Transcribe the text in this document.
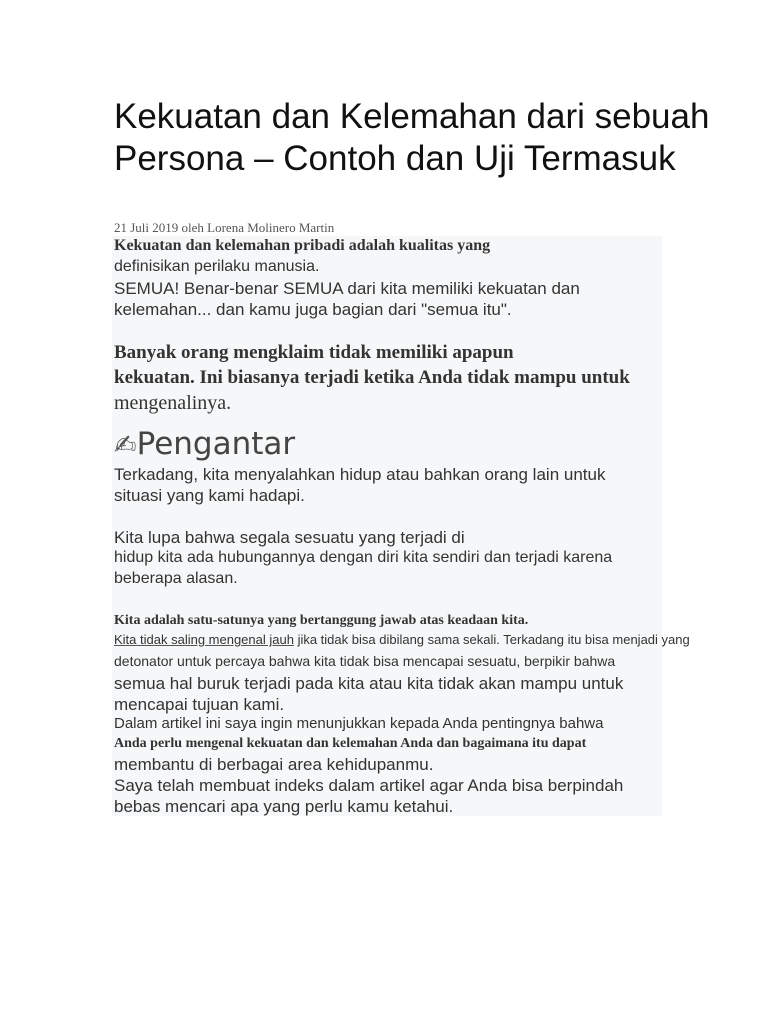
Kekuatan dan Kelemahan dari sebuah Persona – Contoh dan Uji Termasuk
21 Juli 2019 oleh Lorena Molinero Martin
Kekuatan dan kelemahan pribadi adalah kualitas yang
definisikan perilaku manusia.
SEMUA! Benar-benar SEMUA dari kita memiliki kekuatan dan
kelemahan... dan kamu juga bagian dari "semua itu".
Banyak orang mengklaim tidak memiliki apapun
kekuatan. Ini biasanya terjadi ketika Anda tidak mampu untuk
mengenalinya.
✍Pengantar
Terkadang, kita menyalahkan hidup atau bahkan orang lain untuk
situasi yang kami hadapi.
Kita lupa bahwa segala sesuatu yang terjadi di
hidup kita ada hubungannya dengan diri kita sendiri dan terjadi karena
beberapa alasan.
Kita adalah satu-satunya yang bertanggung jawab atas keadaan kita.
Kita tidak saling mengenal jauh jika tidak bisa dibilang sama sekali. Terkadang itu bisa menjadi yang
detonator untuk percaya bahwa kita tidak bisa mencapai sesuatu, berpikir bahwa
semua hal buruk terjadi pada kita atau kita tidak akan mampu untuk
mencapai tujuan kami.
Dalam artikel ini saya ingin menunjukkan kepada Anda pentingnya bahwa
Anda perlu mengenal kekuatan dan kelemahan Anda dan bagaimana itu dapat
membantu di berbagai area kehidupanmu.
Saya telah membuat indeks dalam artikel agar Anda bisa berpindah
bebas mencari apa yang perlu kamu ketahui.
